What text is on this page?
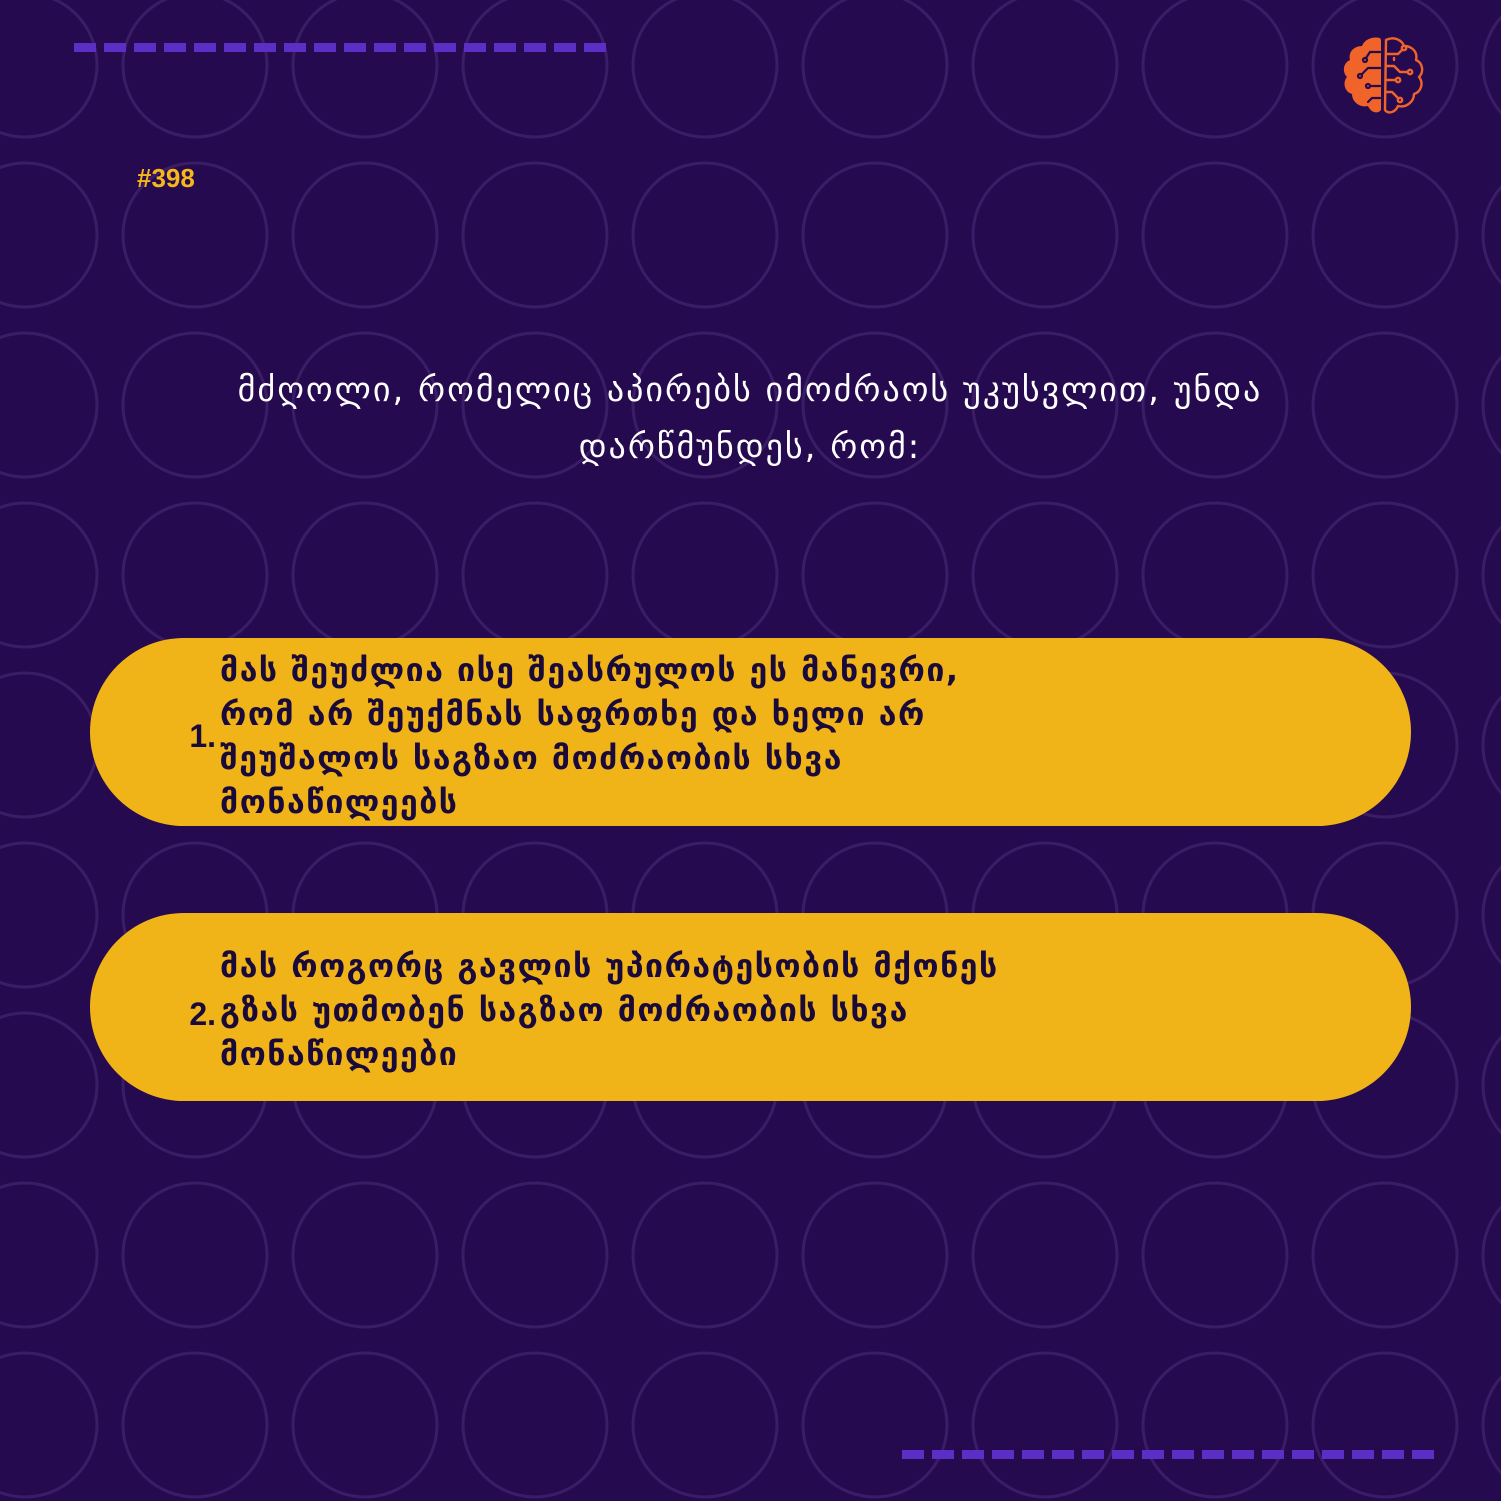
#398
მძღოლი, რომელიც აპირებს იმოძრაოს უკუსვლით, უნდა
დარწმუნდეს, რომ:
1.
მას შეუძლია ისე შეასრულოს ეს მანევრი,
რომ არ შეუქმნას საფრთხე და ხელი არ
შეუშალოს საგზაო მოძრაობის სხვა
მონაწილეებს
2.
მას როგორც გავლის უპირატესობის მქონეს
გზას უთმობენ საგზაო მოძრაობის სხვა
მონაწილეები
